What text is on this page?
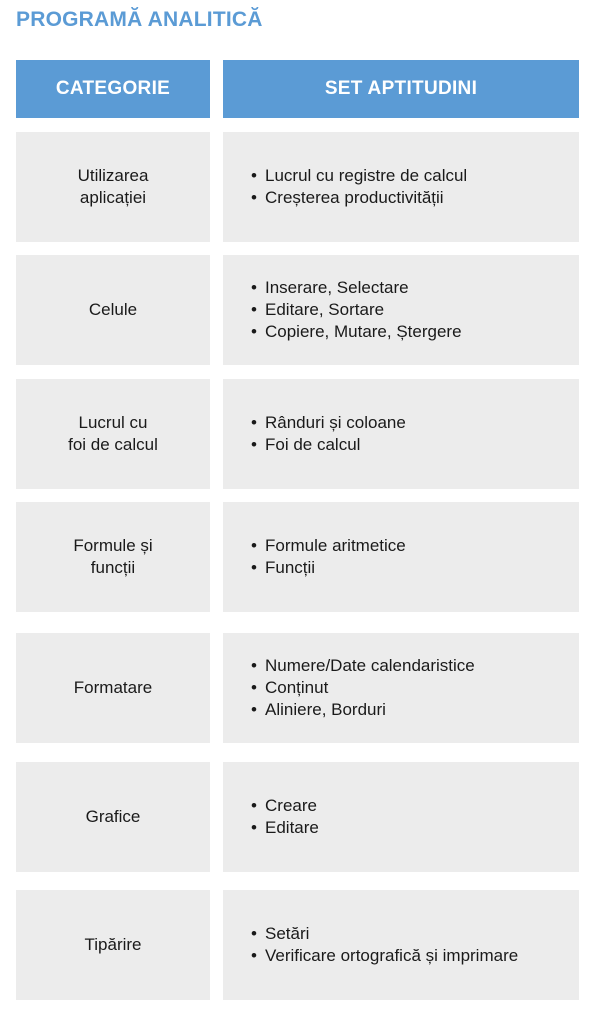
PROGRAMĂ ANALITICĂ
CATEGORIE	SET APTITUDINI
Utilizarea
aplicației
• Lucrul cu registre de calcul
• Creșterea productivității
Celule
• Inserare, Selectare
• Editare, Sortare
• Copiere, Mutare, Ștergere
Lucrul cu
foi de calcul
• Rânduri și coloane
• Foi de calcul
Formule și
funcții
• Formule aritmetice
• Funcții
Formatare
• Numere/Date calendaristice
• Conținut
• Aliniere, Borduri
Grafice
• Creare
• Editare
Tipărire
• Setări
• Verificare ortografică și imprimare
